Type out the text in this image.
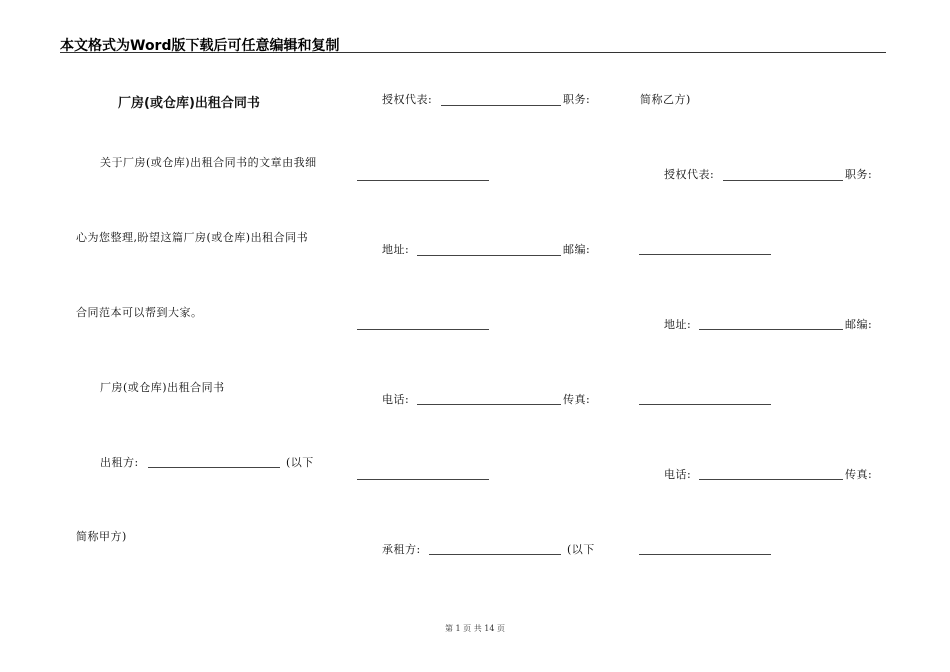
本文格式为Word版下载后可任意编辑和复制
厂房(或仓库)出租合同书
关于厂房(或仓库)出租合同书的文章由我细
心为您整理,盼望这篇厂房(或仓库)出租合同书
合同范本可以帮到大家。
厂房(或仓库)出租合同书
出租方:	(以下
简称甲方)
授权代表:	职务:
地址:	邮编:
电话:	传真:
承租方:	(以下
简称乙方)
授权代表:	职务:
地址:	邮编:
电话:	传真:
第 1 页 共 14 页
